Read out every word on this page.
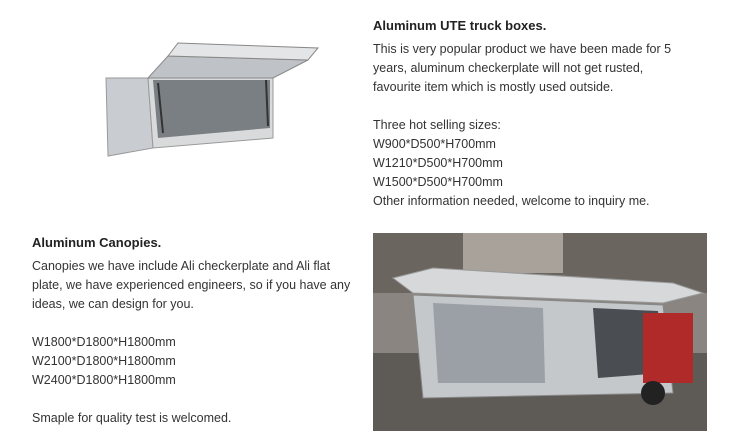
Aluminum UTE truck boxes.

This is very popular product we have been made for 5

years, aluminum checkerplate will not get rusted,

favourite item which is mostly used outside.

Three hot selling sizes:

W900*D500*H700mm

W1210*D500*H700mm

W1500*D500*H700mm

Other information needed, welcome to inquiry me.

Aluminum Canopies.

Canopies we have include Ali checkerplate and Ali flat

plate, we have experienced engineers, so if you have any

ideas, we can design for you.

W1800*D1800*H1800mm

W2100*D1800*H1800mm

W2400*D1800*H1800mm

Smaple for quality test is welcomed.
